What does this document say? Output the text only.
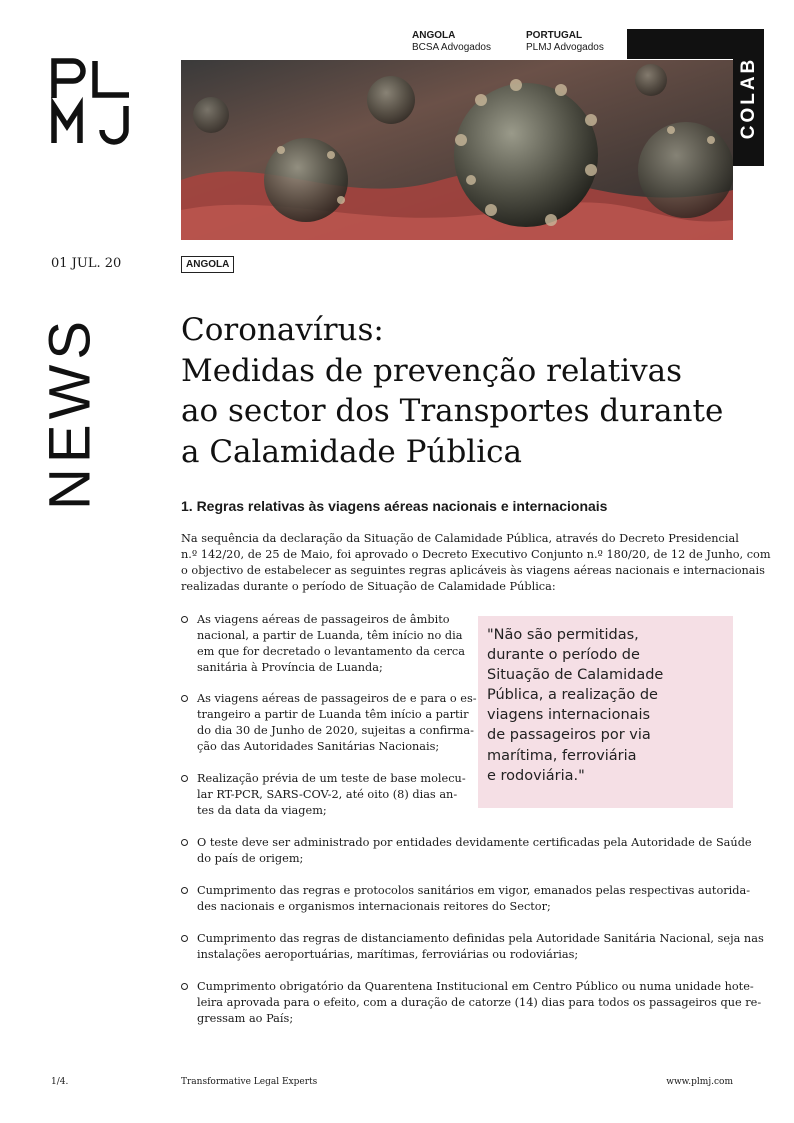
ANGOLA
BCSA Advogados
PORTUGAL
PLMJ Advogados
COLAB
01 JUL. 20	ANGOLA
NEWS	Coronavírus:
Medidas de prevenção relativas
ao sector dos Transportes durante
a Calamidade Pública
1. Regras relativas às viagens aéreas nacionais e internacionais
Na sequência da declaração da Situação de Calamidade Pública, através do Decreto Presidencial
n.º 142/20, de 25 de Maio, foi aprovado o Decreto Executivo Conjunto n.º 180/20, de 12 de Junho, com
o objectivo de estabelecer as seguintes regras aplicáveis às viagens aéreas nacionais e internacionais
realizadas durante o período de Situação de Calamidade Pública:
As viagens aéreas de passageiros de âmbito
nacional, a partir de Luanda, têm início no dia
em que for decretado o levantamento da cerca
sanitária à Província de Luanda;
As viagens aéreas de passageiros de e para o es-
trangeiro a partir de Luanda têm início a partir
do dia 30 de Junho de 2020, sujeitas a confirma-
ção das Autoridades Sanitárias Nacionais;
Realização prévia de um teste de base molecu-
lar RT-PCR, SARS-COV-2, até oito (8) dias an-
tes da data da viagem;
O teste deve ser administrado por entidades devidamente certificadas pela Autoridade de Saúde
do país de origem;
Cumprimento das regras e protocolos sanitários em vigor, emanados pelas respectivas autorida-
des nacionais e organismos internacionais reitores do Sector;
Cumprimento das regras de distanciamento definidas pela Autoridade Sanitária Nacional, seja nas
instalações aeroportuárias, marítimas, ferroviárias ou rodoviárias;
Cumprimento obrigatório da Quarentena Institucional em Centro Público ou numa unidade hote-
leira aprovada para o efeito, com a duração de catorze (14) dias para todos os passageiros que re-
gressam ao País;
"Não são permitidas,
durante o período de
Situação de Calamidade
Pública, a realização de
viagens internacionais
de passageiros por via
marítima, ferroviária
e rodoviária."
1/4.	Transformative Legal Experts	www.plmj.com
